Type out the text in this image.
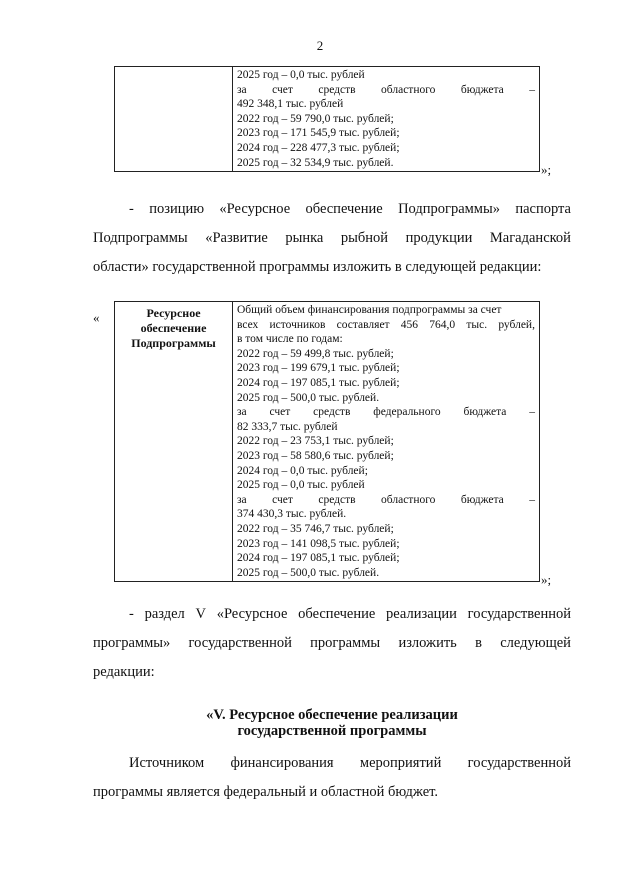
2

2025 год – 0,0 тыс. рублей
за счет средств областного бюджета –
492 348,1 тыс. рублей
2022 год – 59 790,0 тыс. рублей;
2023 год – 171 545,9 тыс. рублей;
2024 год – 228 477,3 тыс. рублей;
2025 год – 32 534,9 тыс. рублей.	»;
- позицию «Ресурсное обеспечение Подпрограммы» паспорта
Подпрограммы «Развитие рынка рыбной продукции Магаданской
области» государственной программы изложить в следующей редакции:
«	Ресурсное
обеспечение
Подпрограммы

Общий объем финансирования подпрограммы за счет
всех источников составляет 456 764,0 тыс. рублей,
в том числе по годам:
2022 год – 59 499,8 тыс. рублей;
2023 год – 199 679,1 тыс. рублей;
2024 год – 197 085,1 тыс. рублей;
2025 год – 500,0 тыс. рублей.
за счет средств федерального бюджета –
82 333,7 тыс. рублей
2022 год – 23 753,1 тыс. рублей;
2023 год – 58 580,6 тыс. рублей;
2024 год – 0,0 тыс. рублей;
2025 год – 0,0 тыс. рублей
за счет средств областного бюджета –
374 430,3 тыс. рублей.
2022 год – 35 746,7 тыс. рублей;
2023 год – 141 098,5 тыс. рублей;
2024 год – 197 085,1 тыс. рублей;
2025 год – 500,0 тыс. рублей.	»;
- раздел V «Ресурсное обеспечение реализации государственной
программы» государственной программы изложить в следующей
редакции:
«V. Ресурсное обеспечение реализации
государственной программы
Источником финансирования мероприятий государственной
программы является федеральный и областной бюджет.
